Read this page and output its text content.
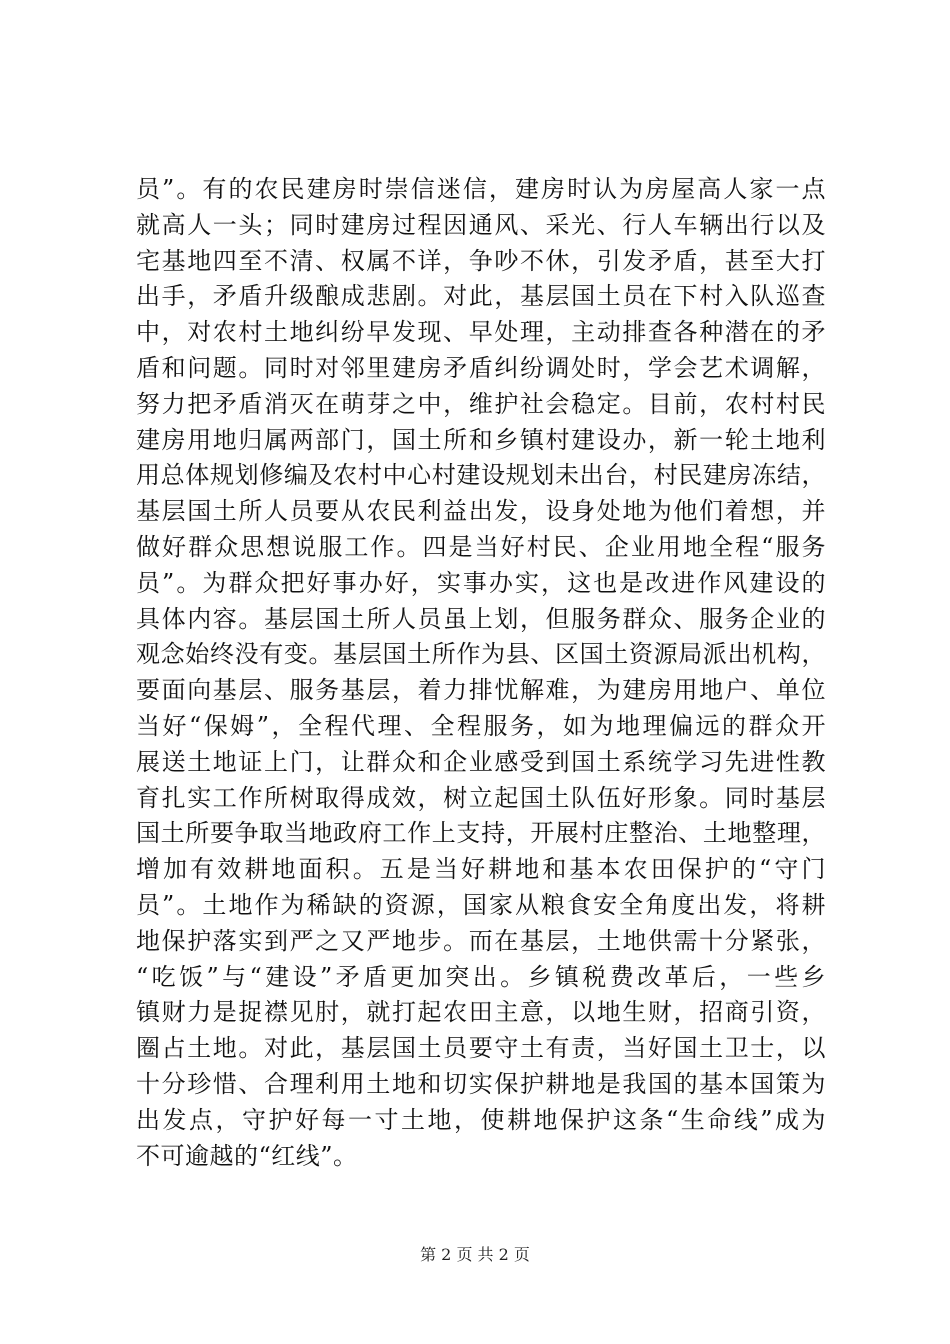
员”。有的农民建房时崇信迷信，建房时认为房屋高人家一点
就高人一头；同时建房过程因通风、采光、行人车辆出行以及
宅基地四至不清、权属不详，争吵不休，引发矛盾，甚至大打
出手，矛盾升级酿成悲剧。对此，基层国土员在下村入队巡查
中，对农村土地纠纷早发现、早处理，主动排查各种潜在的矛
盾和问题。同时对邻里建房矛盾纠纷调处时，学会艺术调解，
努力把矛盾消灭在萌芽之中，维护社会稳定。目前，农村村民
建房用地归属两部门，国土所和乡镇村建设办，新一轮土地利
用总体规划修编及农村中心村建设规划未出台，村民建房冻结，
基层国土所人员要从农民利益出发，设身处地为他们着想，并
做好群众思想说服工作。四是当好村民、企业用地全程“服务
员”。为群众把好事办好，实事办实，这也是改进作风建设的
具体内容。基层国土所人员虽上划，但服务群众、服务企业的
观念始终没有变。基层国土所作为县、区国土资源局派出机构，
要面向基层、服务基层，着力排忧解难，为建房用地户、单位
当好“保姆”，全程代理、全程服务，如为地理偏远的群众开
展送土地证上门，让群众和企业感受到国土系统学习先进性教
育扎实工作所树取得成效，树立起国土队伍好形象。同时基层
国土所要争取当地政府工作上支持，开展村庄整治、土地整理，
增加有效耕地面积。五是当好耕地和基本农田保护的“守门
员”。土地作为稀缺的资源，国家从粮食安全角度出发，将耕
地保护落实到严之又严地步。而在基层，土地供需十分紧张，
“吃饭”与“建设”矛盾更加突出。乡镇税费改革后，一些乡
镇财力是捉襟见肘，就打起农田主意，以地生财，招商引资，
圈占土地。对此，基层国土员要守土有责，当好国土卫士，以
十分珍惜、合理利用土地和切实保护耕地是我国的基本国策为
出发点，守护好每一寸土地，使耕地保护这条“生命线”成为
不可逾越的“红线”。
第 2 页 共 2 页
